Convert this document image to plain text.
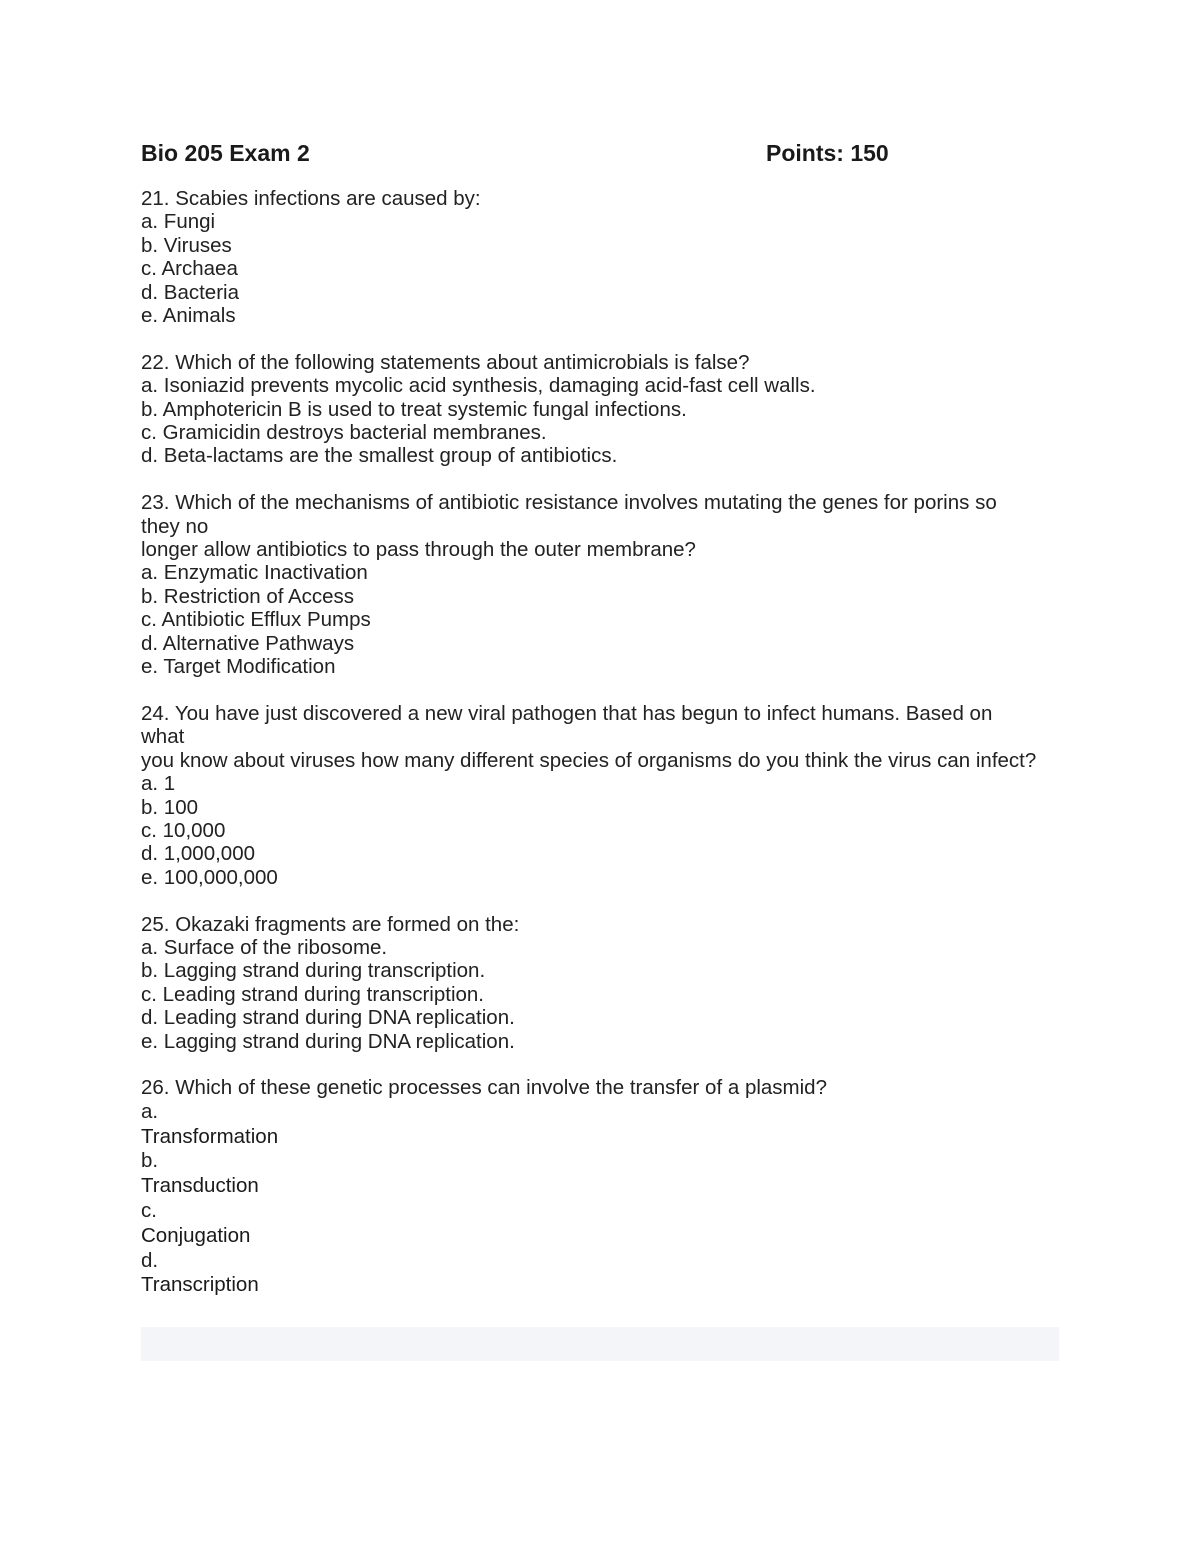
Bio 205 Exam 2	Points: 150

21. Scabies infections are caused by:

a. Fungi

b. Viruses

c. Archaea

d. Bacteria

e. Animals

22. Which of the following statements about antimicrobials is false?

a. Isoniazid prevents mycolic acid synthesis, damaging acid-fast cell walls.

b. Amphotericin B is used to treat systemic fungal infections.

c. Gramicidin destroys bacterial membranes.

d. Beta-lactams are the smallest group of antibiotics.

23. Which of the mechanisms of antibiotic resistance involves mutating the genes for porins so they no

longer allow antibiotics to pass through the outer membrane?

a. Enzymatic Inactivation

b. Restriction of Access

c. Antibiotic Efflux Pumps

d. Alternative Pathways

e. Target Modification

24. You have just discovered a new viral pathogen that has begun to infect humans. Based on what

you know about viruses how many different species of organisms do you think the virus can infect?

a. 1

b. 100

c. 10,000

d. 1,000,000

e. 100,000,000

25. Okazaki fragments are formed on the:

a. Surface of the ribosome.

b. Lagging strand during transcription.

c. Leading strand during transcription.

d. Leading strand during DNA replication.

e. Lagging strand during DNA replication.

26. Which of these genetic processes can involve the transfer of a plasmid?

a.
Transformation
b.
Transduction
c.
Conjugation
d.
Transcription
